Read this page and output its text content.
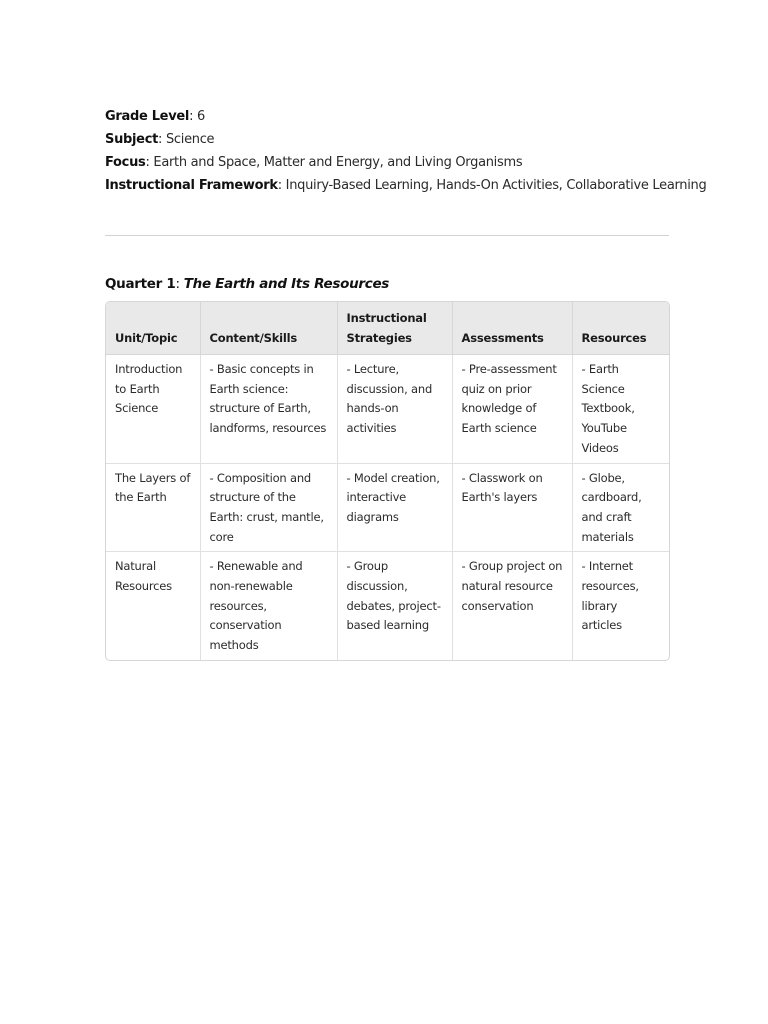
Grade Level: 6
Subject: Science
Focus: Earth and Space, Matter and Energy, and Living Organisms
Instructional Framework: Inquiry-Based Learning, Hands-On Activities, Collaborative Learning
Quarter 1: The Earth and Its Resources
Unit/Topic	Content/Skills	Instructional Strategies	Assessments	Resources
Introduction to Earth Science	- Basic concepts in Earth science: structure of Earth, landforms, resources	- Lecture, discussion, and hands-on activities	- Pre-assessment quiz on prior knowledge of Earth science	- Earth Science Textbook, YouTube Videos
The Layers of the Earth	- Composition and structure of the Earth: crust, mantle, core	- Model creation, interactive diagrams	- Classwork on Earth's layers	- Globe, cardboard, and craft materials
Natural Resources	- Renewable and non-renewable resources, conservation methods	- Group discussion, debates, project-based learning	- Group project on natural resource conservation	- Internet resources, library articles
